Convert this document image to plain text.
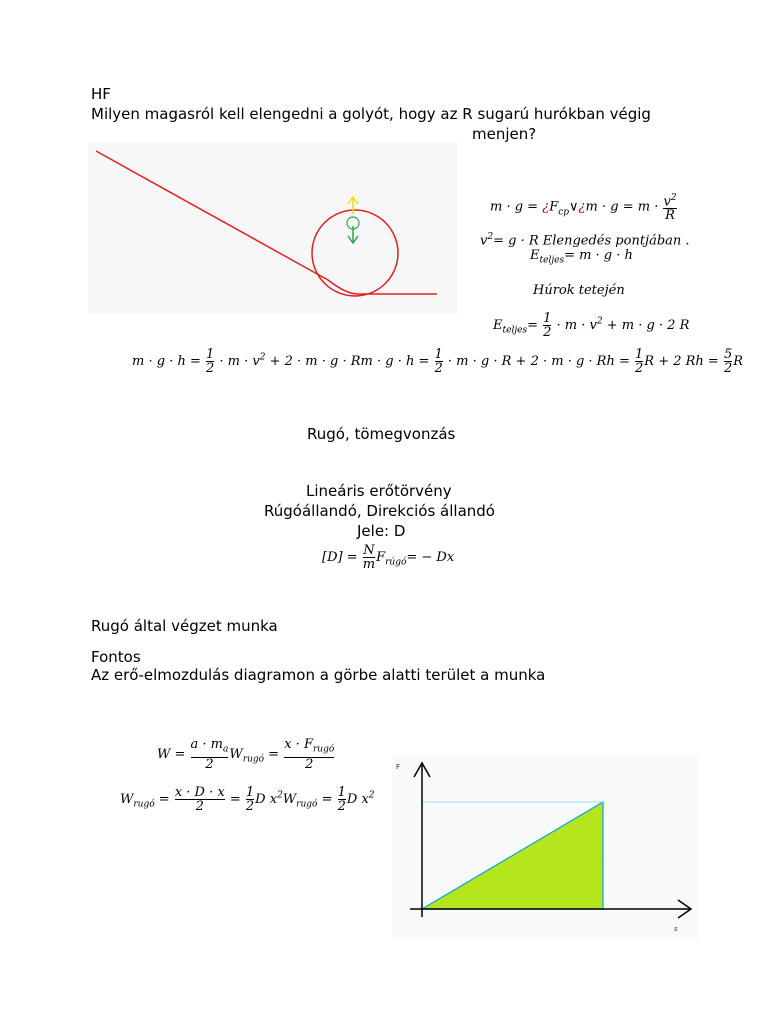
HF
Milyen magasról kell elengedni a golyót, hogy az R sugarú hurókban végig
menjen?
$m \cdot g = ¿F_{cp}\vee¿m \cdot g = m \cdot \frac{v^2}{R}$
$v^2= g \cdot R$ Elengedés pontjában .
$E_{teljes}= m \cdot g \cdot h$
Húrok tetején
$E_{teljes}= \frac{1}{2} \cdot m \cdot v^2 + m \cdot g \cdot 2$ R
$m \cdot g \cdot h = \frac{1}{2} \cdot m \cdot v^2 + 2 \cdot m \cdot g \cdot Rm \cdot g \cdot h = \frac{1}{2} \cdot m \cdot g \cdot R + 2 \cdot m \cdot g \cdot Rh = \frac{1}{2}$ R + 2 $Rh = \frac{5}{2}$ R
Rugó, tömegvonzás
Lineáris erőtörvény
Rúgóállandó, Direkciós állandó
Jele: D
$[D] = \frac{N}{m} F_{rúgó}= - Dx$
Rugó által végzet munka
Fontos
Az erő-elmozdulás diagramon a görbe alatti terület a munka
$W = \frac{a \cdot m_a}{2} W_{rugó} = \frac{x \cdot F_{rugó}}{2}$
$W_{rugó} = \frac{x \cdot D \cdot x}{2} = \frac{1}{2}$ D $x^2W_{rugó} = \frac{1}{2}$ D $x^2$
F
s
